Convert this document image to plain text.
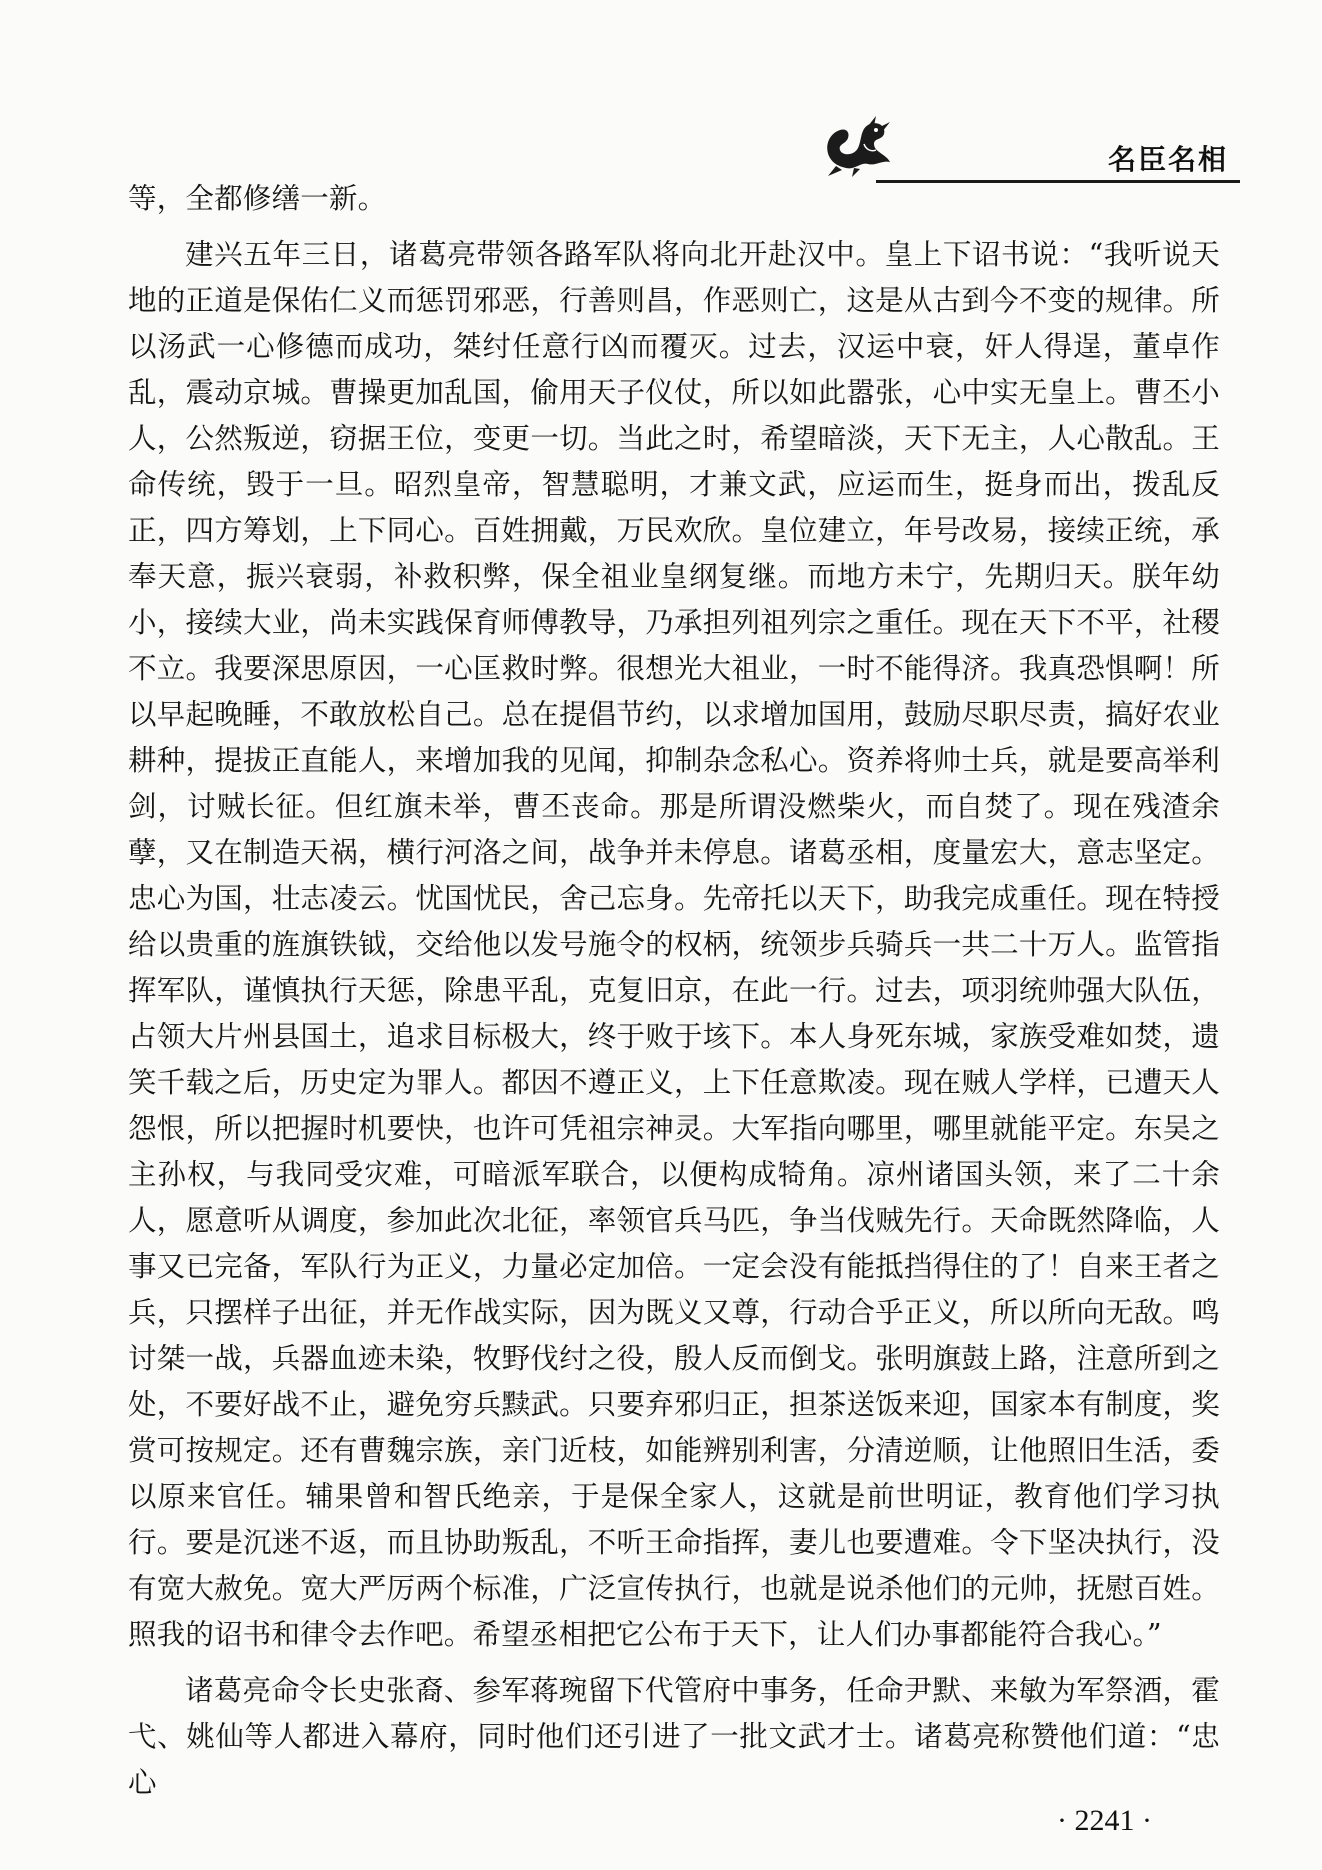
名臣名相

等，全都修缮一新。

建兴五年三日，诸葛亮带领各路军队将向北开赴汉中。皇上下诏书说：“我听说天地的正道是保佑仁义而惩罚邪恶，行善则昌，作恶则亡，这是从古到今不变的规律。所以汤武一心修德而成功，桀纣任意行凶而覆灭。过去，汉运中衰，奸人得逞，董卓作乱，震动京城。曹操更加乱国，偷用天子仪仗，所以如此嚣张，心中实无皇上。曹丕小人，公然叛逆，窃据王位，变更一切。当此之时，希望暗淡，天下无主，人心散乱。王命传统，毁于一旦。昭烈皇帝，智慧聪明，才兼文武，应运而生，挺身而出，拨乱反正，四方筹划，上下同心。百姓拥戴，万民欢欣。皇位建立，年号改易，接续正统，承奉天意，振兴衰弱，补救积弊，保全祖业皇纲复继。而地方未宁，先期归天。朕年幼小，接续大业，尚未实践保育师傅教导，乃承担列祖列宗之重任。现在天下不平，社稷不立。我要深思原因，一心匡救时弊。很想光大祖业，一时不能得济。我真恐惧啊！所以早起晚睡，不敢放松自己。总在提倡节约，以求增加国用，鼓励尽职尽责，搞好农业耕种，提拔正直能人，来增加我的见闻，抑制杂念私心。资养将帅士兵，就是要高举利剑，讨贼长征。但红旗未举，曹丕丧命。那是所谓没燃柴火，而自焚了。现在残渣余孽，又在制造天祸，横行河洛之间，战争并未停息。诸葛丞相，度量宏大，意志坚定。忠心为国，壮志凌云。忧国忧民，舍己忘身。先帝托以天下，助我完成重任。现在特授给以贵重的旌旗铁钺，交给他以发号施令的权柄，统领步兵骑兵一共二十万人。监管指挥军队，谨慎执行天惩，除患平乱，克复旧京，在此一行。过去，项羽统帅强大队伍，占领大片州县国土，追求目标极大，终于败于垓下。本人身死东城，家族受难如焚，遗笑千载之后，历史定为罪人。都因不遵正义，上下任意欺凌。现在贼人学样，已遭天人怨恨，所以把握时机要快，也许可凭祖宗神灵。大军指向哪里，哪里就能平定。东吴之主孙权，与我同受灾难，可暗派军联合，以便构成犄角。凉州诸国头领，来了二十余人，愿意听从调度，参加此次北征，率领官兵马匹，争当伐贼先行。天命既然降临，人事又已完备，军队行为正义，力量必定加倍。一定会没有能抵挡得住的了！自来王者之兵，只摆样子出征，并无作战实际，因为既义又尊，行动合乎正义，所以所向无敌。鸣讨桀一战，兵器血迹未染，牧野伐纣之役，殷人反而倒戈。张明旗鼓上路，注意所到之处，不要好战不止，避免穷兵黩武。只要弃邪归正，担茶送饭来迎，国家本有制度，奖赏可按规定。还有曹魏宗族，亲门近枝，如能辨别利害，分清逆顺，让他照旧生活，委以原来官任。辅果曾和智氏绝亲，于是保全家人，这就是前世明证，教育他们学习执行。要是沉迷不返，而且协助叛乱，不听王命指挥，妻儿也要遭难。令下坚决执行，没有宽大赦免。宽大严厉两个标准，广泛宣传执行，也就是说杀他们的元帅，抚慰百姓。照我的诏书和律令去作吧。希望丞相把它公布于天下，让人们办事都能符合我心。”

诸葛亮命令长史张裔、参军蒋琬留下代管府中事务，任命尹默、来敏为军祭酒，霍弋、姚仙等人都进入幕府，同时他们还引进了一批文武才士。诸葛亮称赞他们道：“忠心

· 2241 ·
